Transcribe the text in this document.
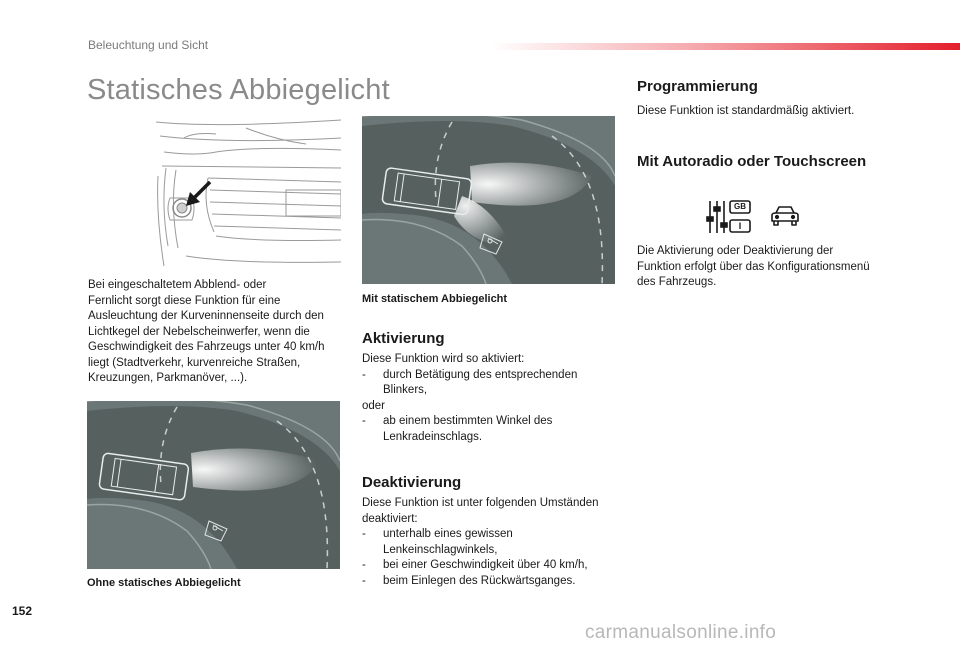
Beleuchtung und Sicht
Statisches Abbiegelicht
Bei eingeschaltetem Abblend- oder
Fernlicht sorgt diese Funktion für eine
Ausleuchtung der Kurveninnenseite durch den
Lichtkegel der Nebelscheinwerfer, wenn die
Geschwindigkeit des Fahrzeugs unter 40 km/h
liegt (Stadtverkehr, kurvenreiche Straßen,
Kreuzungen, Parkmanöver, ...).
Mit statischem Abbiegelicht
Ohne statisches Abbiegelicht
Aktivierung
Diese Funktion wird so aktiviert:
- durch Betätigung des entsprechenden
Blinkers,
oder
- ab einem bestimmten Winkel des
Lenkradeinschlags.
Deaktivierung
Diese Funktion ist unter folgenden Umständen
deaktiviert:
- unterhalb eines gewissen
Lenkeinschlagwinkels,
- bei einer Geschwindigkeit über 40 km/h,
- beim Einlegen des Rückwärtsganges.
Programmierung
Diese Funktion ist standardmäßig aktiviert.
Mit Autoradio oder Touchscreen
GB
I
Die Aktivierung oder Deaktivierung der
Funktion erfolgt über das Konfigurationsmenü
des Fahrzeugs.
152
carmanualsonline.info
